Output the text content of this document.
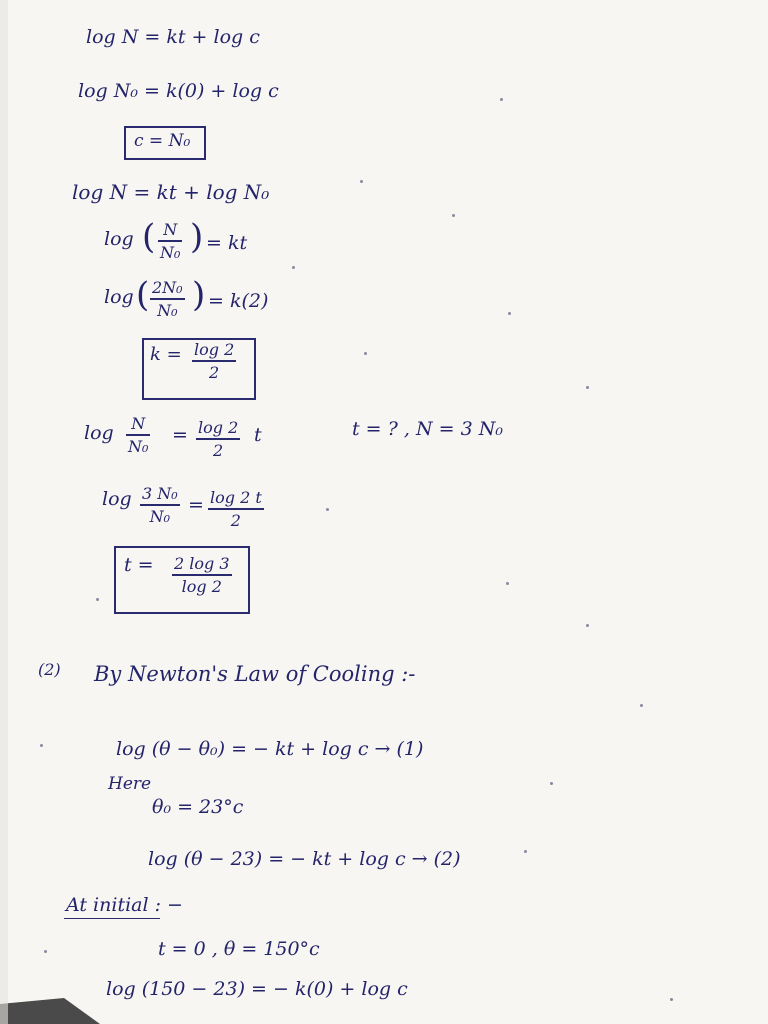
log N = kt + log c
log N₀ = k(0) + log c
c = N₀
log N = kt + log N₀
log ( N
N₀ ) = kt
log ( 2N₀
N₀ ) = k(2)
k = log 2
2
log N
N₀
= log 2
2
t	t = ? , N = 3 N₀
log 3 N₀
N₀
= log 2 t
2
t = 2 log 3
log 2
(2) By Newton's Law of Cooling :-
log (θ − θ₀) = − kt + log c → (1)
Here
θ₀ = 23°c
log (θ − 23) = − kt + log c → (2)
At initial : −
t = 0 , θ = 150°c
log (150 − 23) = − k(0) + log c
